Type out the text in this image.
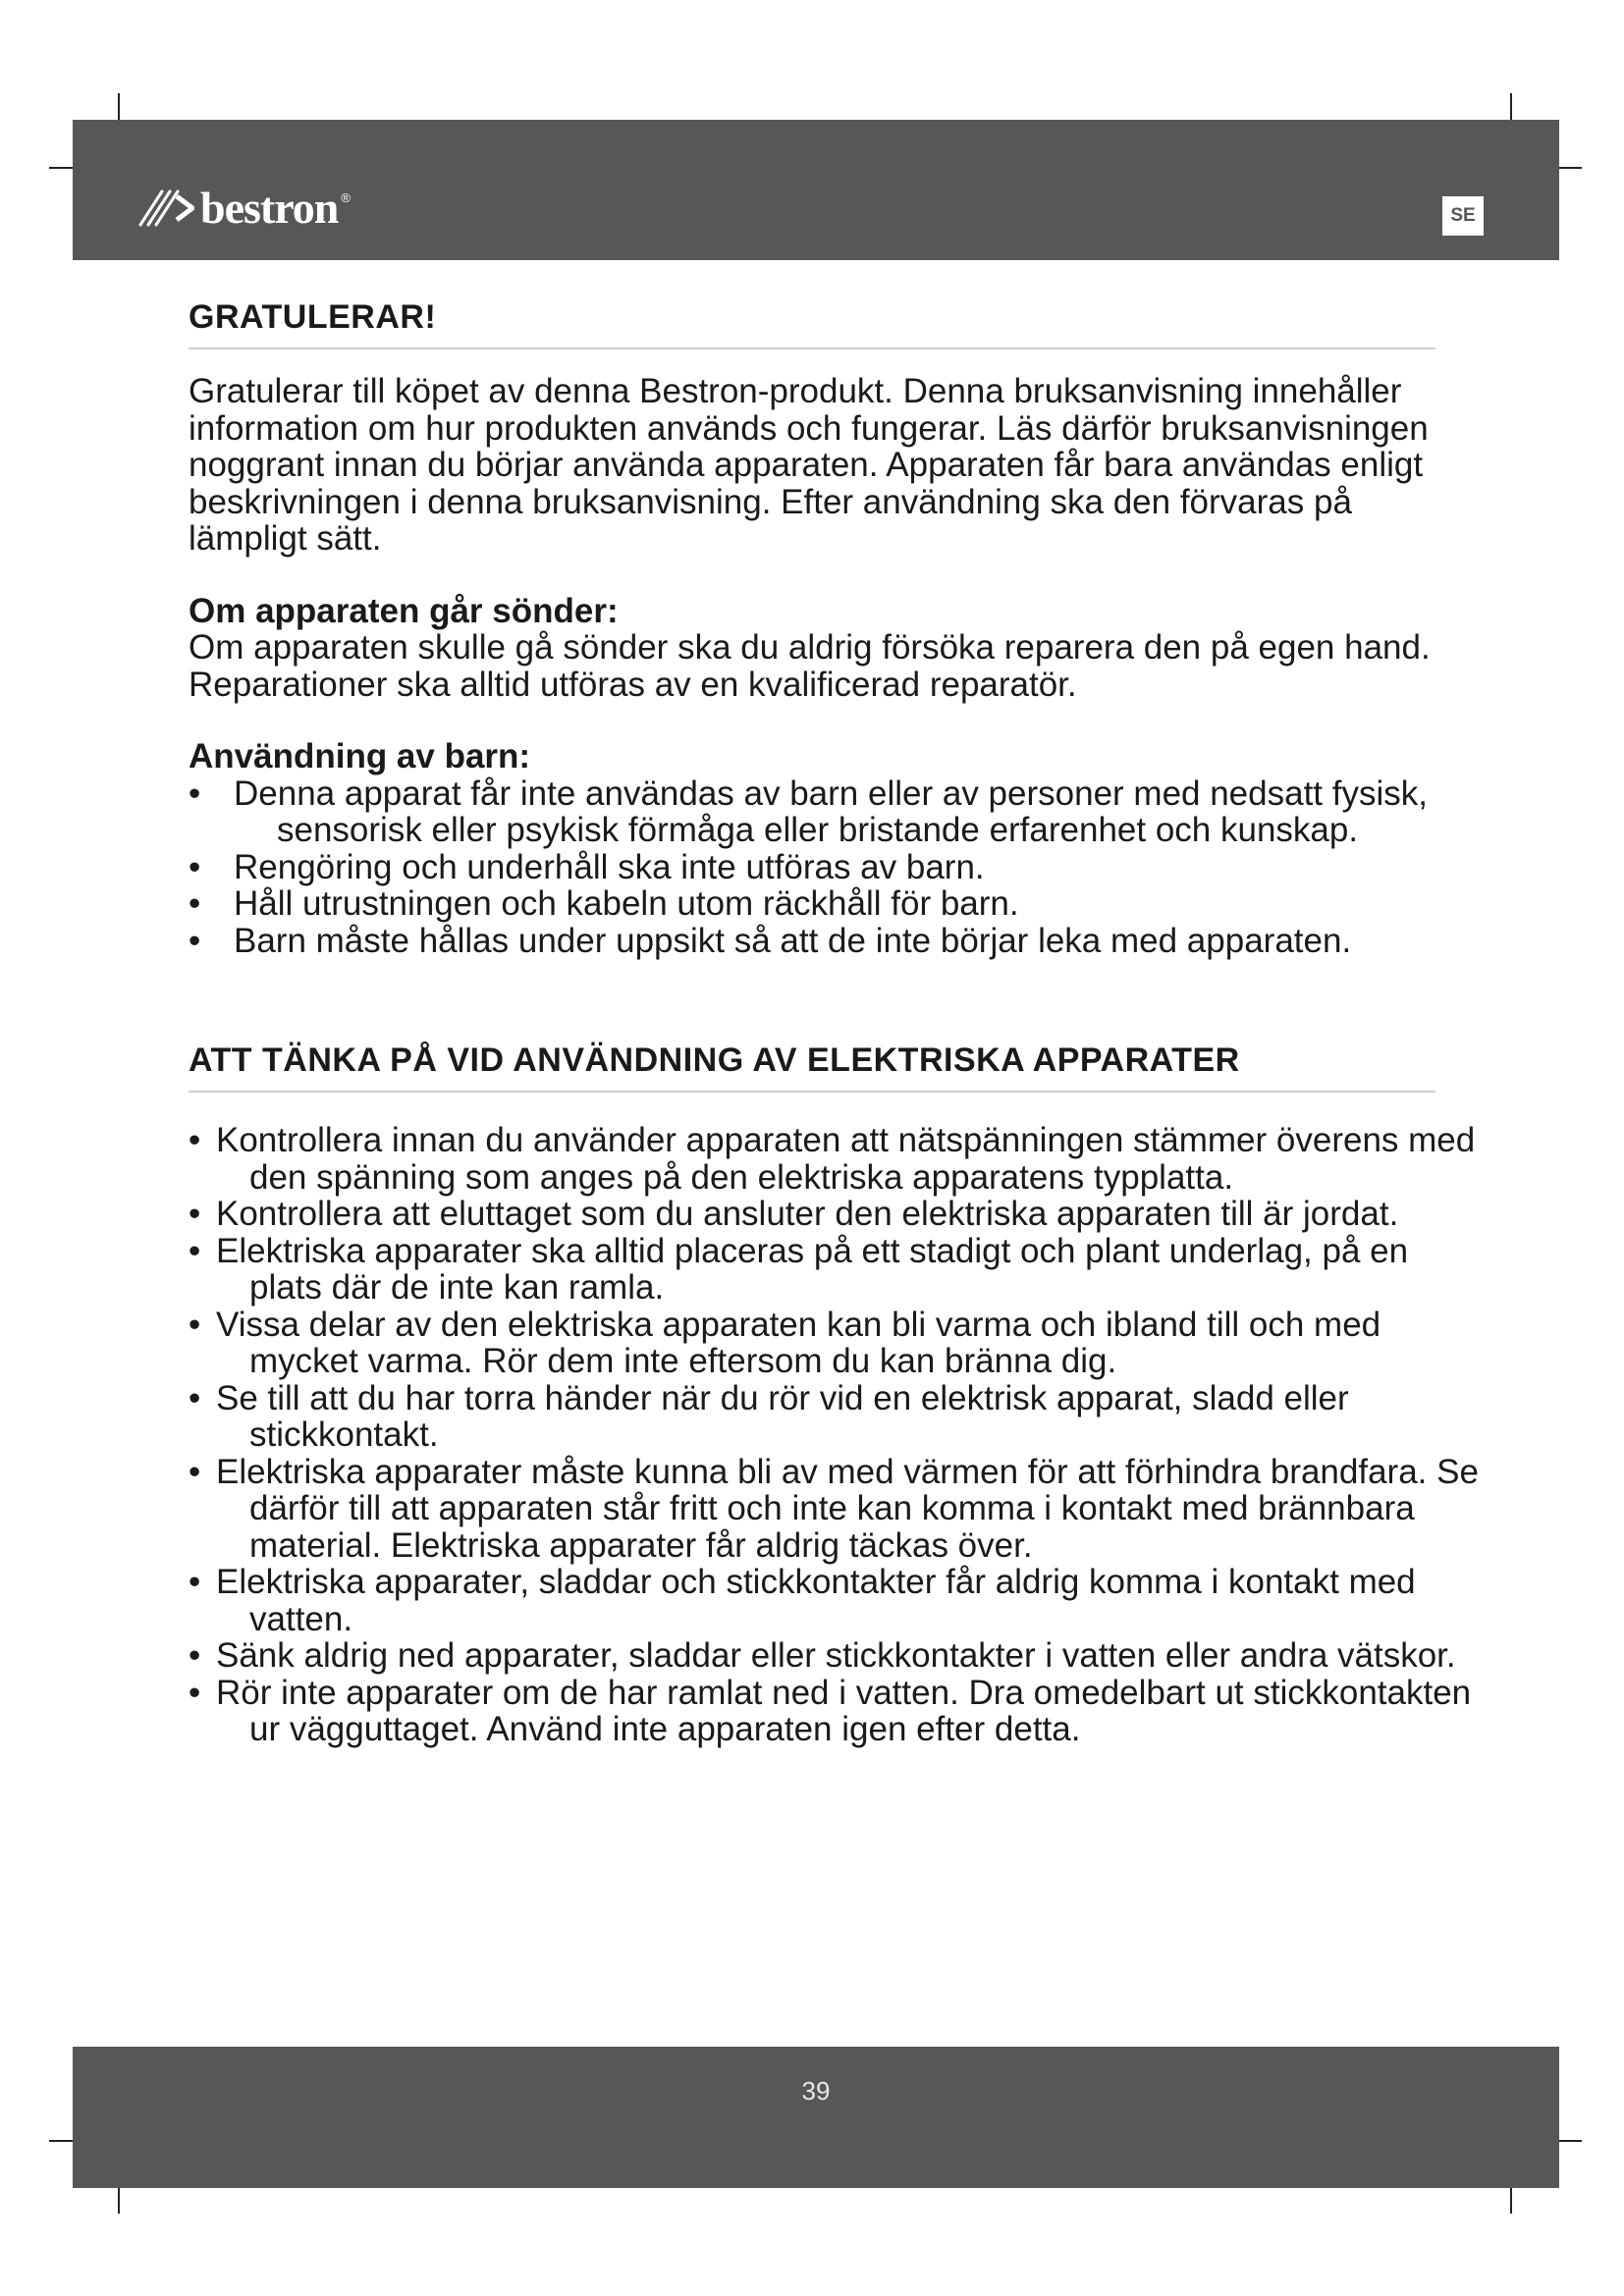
bestron ®
SE
GRATULERAR!

Gratulerar till köpet av denna Bestron-produkt. Denna bruksanvisning innehåller information om hur produkten används och fungerar. Läs därför bruksanvisningen noggrant innan du börjar använda apparaten. Apparaten får bara användas enligt beskrivningen i denna bruksanvisning. Efter användning ska den förvaras på lämpligt sätt.

Om apparaten går sönder:

Om apparaten skulle gå sönder ska du aldrig försöka reparera den på egen hand. Reparationer ska alltid utföras av en kvalificerad reparatör.

Användning av barn:

• Denna apparat får inte användas av barn eller av personer med nedsatt fysisk, sensorisk eller psykisk förmåga eller bristande erfarenhet och kunskap.
• Rengöring och underhåll ska inte utföras av barn.
• Håll utrustningen och kabeln utom räckhåll för barn.
• Barn måste hållas under uppsikt så att de inte börjar leka med apparaten.
ATT TÄNKA PÅ VID ANVÄNDNING AV ELEKTRISKA APPARATER
• Kontrollera innan du använder apparaten att nätspänningen stämmer överens med den spänning som anges på den elektriska apparatens typplatta.
• Kontrollera att eluttaget som du ansluter den elektriska apparaten till är jordat.
• Elektriska apparater ska alltid placeras på ett stadigt och plant underlag, på en plats där de inte kan ramla.
• Vissa delar av den elektriska apparaten kan bli varma och ibland till och med mycket varma. Rör dem inte eftersom du kan bränna dig.
• Se till att du har torra händer när du rör vid en elektrisk apparat, sladd eller stickkontakt.
• Elektriska apparater måste kunna bli av med värmen för att förhindra brandfara. Se därför till att apparaten står fritt och inte kan komma i kontakt med brännbara material. Elektriska apparater får aldrig täckas över.
• Elektriska apparater, sladdar och stickkontakter får aldrig komma i kontakt med vatten.
• Sänk aldrig ned apparater, sladdar eller stickkontakter i vatten eller andra vätskor.
• Rör inte apparater om de har ramlat ned i vatten. Dra omedelbart ut stickkontakten ur vägguttaget. Använd inte apparaten igen efter detta.
39
